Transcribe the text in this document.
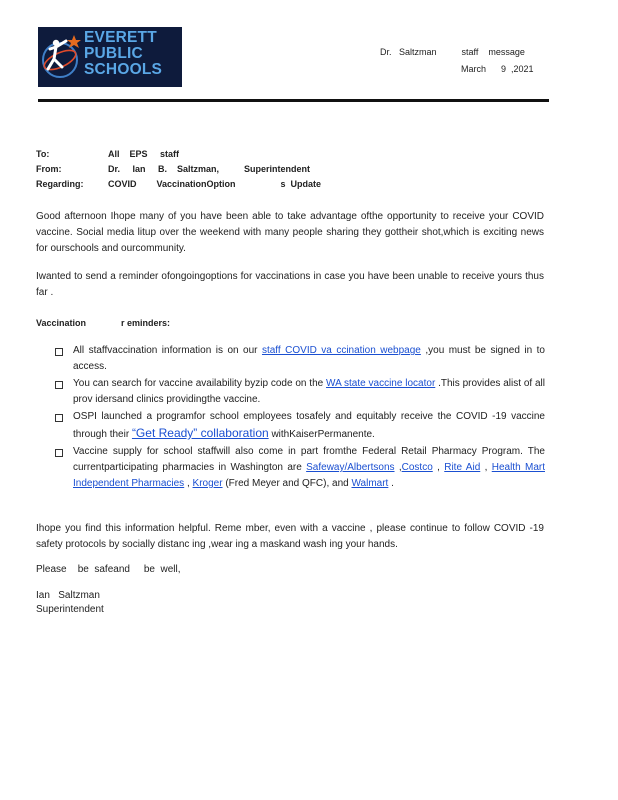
EVERETT
PUBLIC
SCHOOLS
Dr.   Saltzman          staff    message
March      9  ,2021
To:	All    EPS     staff
From:	Dr.     Ian     B.    Saltzman,          Superintendent
Regarding:	COVID        VaccinationOption                  s  Update

Good afternoon Ihope many of you have been able to take advantage ofthe opportunity to receive your COVID vaccine. Social media litup over the weekend with many people sharing they gottheir shot,which is exciting news for ourschools and ourcommunity.

Iwanted to send a reminder ofongoingoptions for vaccinations in case you have been unable to receive yours thus far .

Vaccination              r eminders:
All staffvaccination information is on our staff COVID va ccination webpage ,you must be signed in to access.
You can search for vaccine availability byzip code on the WA state vaccine locator .This provides alist of all prov idersand clinics providingthe vaccine.
OSPI launched a programfor school employees tosafely and equitably receive the COVID -19 vaccine through their “Get Ready” collaboration withKaiserPermanente.
Vaccine supply for school staffwill also come in part fromthe Federal Retail Pharmacy Program. The currentparticipating pharmacies in Washington are Safeway/Albertsons ,Costco , Rite Aid , Health Mart Independent Pharmacies , Kroger (Fred Meyer and QFC), and Walmart .

Ihope you find this information helpful. Reme mber, even with a vaccine , please continue to follow COVID -19 safety protocols by socially distanc ing ,wear ing a maskand wash ing your hands.

Please    be  safeand     be  well,
Ian   Saltzman
Superintendent
